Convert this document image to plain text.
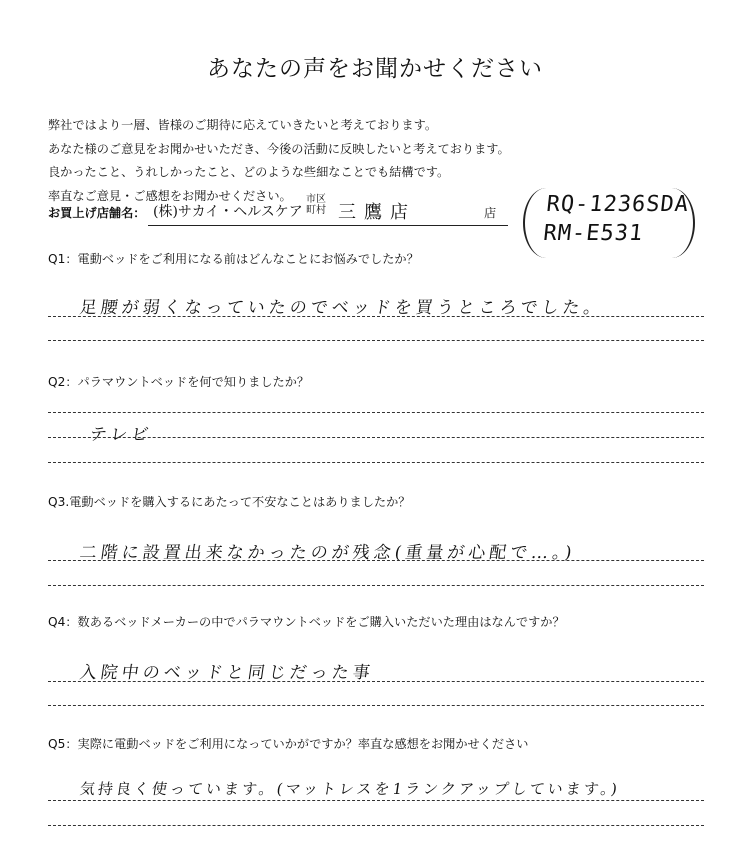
あなたの声をお聞かせください
弊社ではより一層、皆様のご期待に応えていきたいと考えております。
あなた様のご意見をお聞かせいただき、今後の活動に反映したいと考えております。
良かったこと、うれしかったこと、どのような些細なことでも結構です。
率直なご意見・ご感想をお聞かせください。
お買上げ店舗名： (株)サカイ・ヘルスケア
市区
町村 三鷹店	店 RQ-1236SDA
RM-E531
Q1：電動ベッドをご利用になる前はどんなことにお悩みでしたか？
足腰が弱くなっていたのでベッドを買うところでした。
Q2：パラマウントベッドを何で知りましたか？
テレビ
Q3.電動ベッドを購入するにあたって不安なことはありましたか？
二階に設置出来なかったのが残念(重量が心配で…。)
Q4：数あるベッドメーカーの中でパラマウントベッドをご購入いただいた理由はなんですか？
入院中のベッドと同じだった事
Q5：実際に電動ベッドをご利用になっていかがですか？率直な感想をお聞かせください
気持良く使っています。(マットレスを1ランクアップしています。)
